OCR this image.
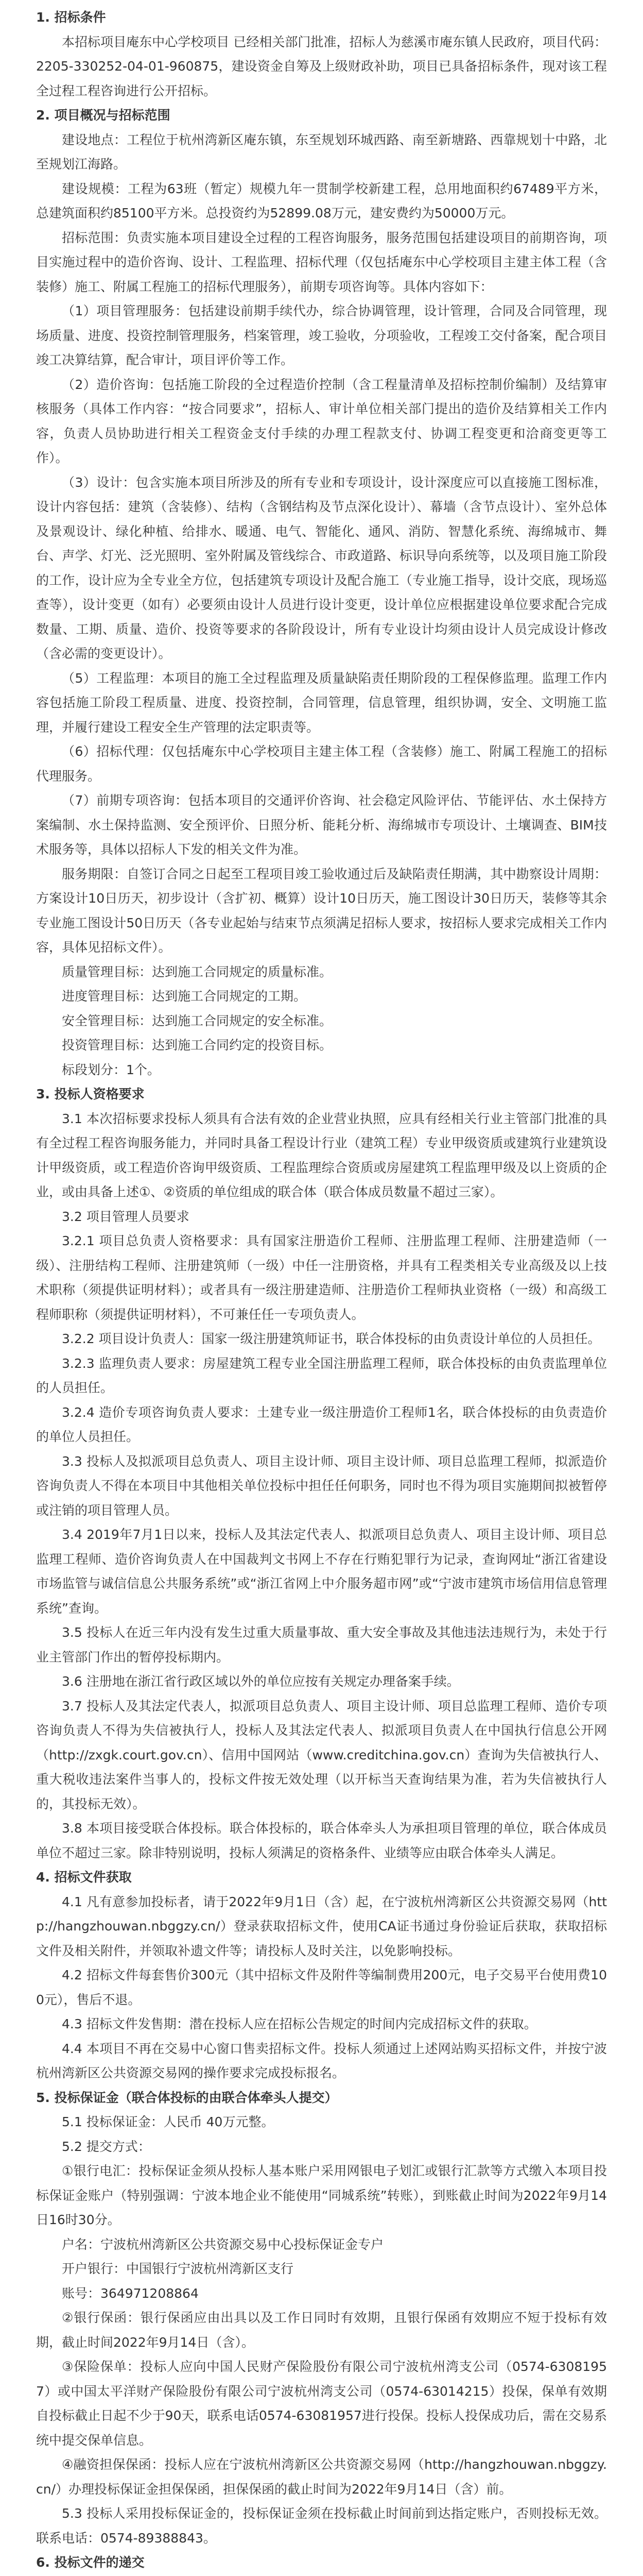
1. 招标条件
本招标项目庵东中心学校项目 已经相关部门批准，招标人为慈溪市庵东镇人民政府，项目代码：2205-330252-04-01-960875，建设资金自筹及上级财政补助，项目已具备招标条件，现对该工程全过程工程咨询进行公开招标。
2. 项目概况与招标范围
建设地点：工程位于杭州湾新区庵东镇，东至规划环城西路、南至新塘路、西靠规划十中路，北至规划江海路。
建设规模：工程为63班（暂定）规模九年一贯制学校新建工程，总用地面积约67489平方米，总建筑面积约85100平方米。总投资约为52899.08万元，建安费约为50000万元。
招标范围：负责实施本项目建设全过程的工程咨询服务，服务范围包括建设项目的前期咨询，项目实施过程中的造价咨询、设计、工程监理、招标代理（仅包括庵东中心学校项目主建主体工程（含装修）施工、附属工程施工的招标代理服务），前期专项咨询等。具体内容如下：
（1）项目管理服务：包括建设前期手续代办，综合协调管理，设计管理，合同及合同管理，现场质量、进度、投资控制管理服务，档案管理，竣工验收，分项验收，工程竣工交付备案，配合项目竣工决算结算，配合审计，项目评价等工作。
（2）造价咨询：包括施工阶段的全过程造价控制（含工程量清单及招标控制价编制）及结算审核服务（具体工作内容：“按合同要求”，招标人、审计单位相关部门提出的造价及结算相关工作内容，负责人员协助进行相关工程资金支付手续的办理工程款支付、协调工程变更和洽商变更等工作）。
（3）设计：包含实施本项目所涉及的所有专业和专项设计，设计深度应可以直接施工图标准，设计内容包括：建筑（含装修）、结构（含钢结构及节点深化设计）、幕墙（含节点设计）、室外总体及景观设计、绿化种植、给排水、暖通、电气、智能化、通风、消防、智慧化系统、海绵城市、舞台、声学、灯光、泛光照明、室外附属及管线综合、市政道路、标识导向系统等，以及项目施工阶段的工作，设计应为全专业全方位，包括建筑专项设计及配合施工（专业施工指导，设计交底，现场巡查等），设计变更（如有）必要须由设计人员进行设计变更，设计单位应根据建设单位要求配合完成数量、工期、质量、造价、投资等要求的各阶段设计，所有专业设计均须由设计人员完成设计修改（含必需的变更设计）。
（5）工程监理：本项目的施工全过程监理及质量缺陷责任期阶段的工程保修监理。监理工作内容包括施工阶段工程质量、进度、投资控制，合同管理，信息管理，组织协调，安全、文明施工监理，并履行建设工程安全生产管理的法定职责等。
（6）招标代理：仅包括庵东中心学校项目主建主体工程（含装修）施工、附属工程施工的招标代理服务。
（7）前期专项咨询：包括本项目的交通评价咨询、社会稳定风险评估、节能评估、水土保持方案编制、水土保持监测、安全预评价、日照分析、能耗分析、海绵城市专项设计、土壤调查、BIM技术服务等，具体以招标人下发的相关文件为准。
服务期限：自签订合同之日起至工程项目竣工验收通过后及缺陷责任期满，其中勘察设计周期：方案设计10日历天，初步设计（含扩初、概算）设计10日历天，施工图设计30日历天，装修等其余专业施工图设计50日历天（各专业起始与结束节点须满足招标人要求，按招标人要求完成相关工作内容，具体见招标文件）。
质量管理目标：达到施工合同规定的质量标准。
进度管理目标：达到施工合同规定的工期。
安全管理目标：达到施工合同规定的安全标准。
投资管理目标：达到施工合同约定的投资目标。
标段划分：1个。
3. 投标人资格要求
3.1 本次招标要求投标人须具有合法有效的企业营业执照，应具有经相关行业主管部门批准的具有全过程工程咨询服务能力，并同时具备工程设计行业（建筑工程）专业甲级资质或建筑行业建筑设计甲级资质，或工程造价咨询甲级资质、工程监理综合资质或房屋建筑工程监理甲级及以上资质的企业，或由具备上述①、②资质的单位组成的联合体（联合体成员数量不超过三家）。
3.2 项目管理人员要求
3.2.1 项目总负责人资格要求：具有国家注册造价工程师、注册监理工程师、注册建造师（一级）、注册结构工程师、注册建筑师（一级）中任一注册资格，并具有工程类相关专业高级及以上技术职称（须提供证明材料）；或者具有一级注册建造师、注册造价工程师执业资格（一级）和高级工程师职称（须提供证明材料），不可兼任任一专项负责人。
3.2.2 项目设计负责人：国家一级注册建筑师证书，联合体投标的由负责设计单位的人员担任。
3.2.3 监理负责人要求：房屋建筑工程专业全国注册监理工程师，联合体投标的由负责监理单位的人员担任。
3.2.4 造价专项咨询负责人要求：土建专业一级注册造价工程师1名，联合体投标的由负责造价的单位人员担任。
3.3 投标人及拟派项目总负责人、项目主设计师、项目主设计师、项目总监理工程师，拟派造价咨询负责人不得在本项目中其他相关单位投标中担任任何职务，同时也不得为项目实施期间拟被暂停或注销的项目管理人员。
3.4 2019年7月1日以来，投标人及其法定代表人、拟派项目总负责人、项目主设计师、项目总监理工程师、造价咨询负责人在中国裁判文书网上不存在行贿犯罪行为记录，查询网址“浙江省建设市场监管与诚信信息公共服务系统”或“浙江省网上中介服务超市网”或“宁波市建筑市场信用信息管理系统”查询。
3.5 投标人在近三年内没有发生过重大质量事故、重大安全事故及其他违法违规行为，未处于行业主管部门作出的暂停投标期内。
3.6 注册地在浙江省行政区域以外的单位应按有关规定办理备案手续。
3.7 投标人及其法定代表人，拟派项目总负责人、项目主设计师、项目总监理工程师、造价专项咨询负责人不得为失信被执行人，投标人及其法定代表人、拟派项目负责人在中国执行信息公开网（http://zxgk.court.gov.cn）、信用中国网站（www.creditchina.gov.cn）查询为失信被执行人、重大税收违法案件当事人的，投标文件按无效处理（以开标当天查询结果为准，若为失信被执行人的，其投标无效）。
3.8 本项目接受联合体投标。联合体投标的，联合体牵头人为承担项目管理的单位，联合体成员单位不超过三家。除非特别说明，投标人须满足的资格条件、业绩等应由联合体牵头人满足。
4. 招标文件获取
4.1 凡有意参加投标者，请于2022年9月1日（含）起，在宁波杭州湾新区公共资源交易网（http://hangzhouwan.nbggzy.cn/）登录获取招标文件，使用CA证书通过身份验证后获取，获取招标文件及相关附件，并领取补遗文件等；请投标人及时关注，以免影响投标。
4.2 招标文件每套售价300元（其中招标文件及附件等编制费用200元，电子交易平台使用费100元），售后不退。
4.3 招标文件发售期：潜在投标人应在招标公告规定的时间内完成招标文件的获取。
4.4 本项目不再在交易中心窗口售卖招标文件。投标人须通过上述网站购买招标文件，并按宁波杭州湾新区公共资源交易网的操作要求完成投标报名。
5. 投标保证金（联合体投标的由联合体牵头人提交）
5.1 投标保证金：人民币 40万元整。
5.2 提交方式：
①银行电汇：投标保证金须从投标人基本账户采用网银电子划汇或银行汇款等方式缴入本项目投标保证金账户（特别强调：宁波本地企业不能使用“同城系统”转账），到账截止时间为2022年9月14日16时30分。
户名：宁波杭州湾新区公共资源交易中心投标保证金专户
开户银行：中国银行宁波杭州湾新区支行
账号：364971208864
②银行保函：银行保函应由出具以及工作日同时有效期，且银行保函有效期应不短于投标有效期，截止时间2022年9月14日（含）。
③保险保单：投标人应向中国人民财产保险股份有限公司宁波杭州湾支公司（0574-63081957）或中国太平洋财产保险股份有限公司宁波杭州湾支公司（0574-63014215）投保，保单有效期自投标截止日起不少于90天，联系电话0574-63081957进行投保。投标人投保成功后，需在交易系统中提交保单信息。
④融资担保保函：投标人应在宁波杭州湾新区公共资源交易网（http://hangzhouwan.nbggzy.cn/）办理投标保证金担保保函，担保保函的截止时间为2022年9月14日（含）前。
5.3 投标人采用投标保证金的，投标保证金须在投标截止时间前到达指定账户，否则投标无效。联系电话：0574-89388843。
6. 投标文件的递交
